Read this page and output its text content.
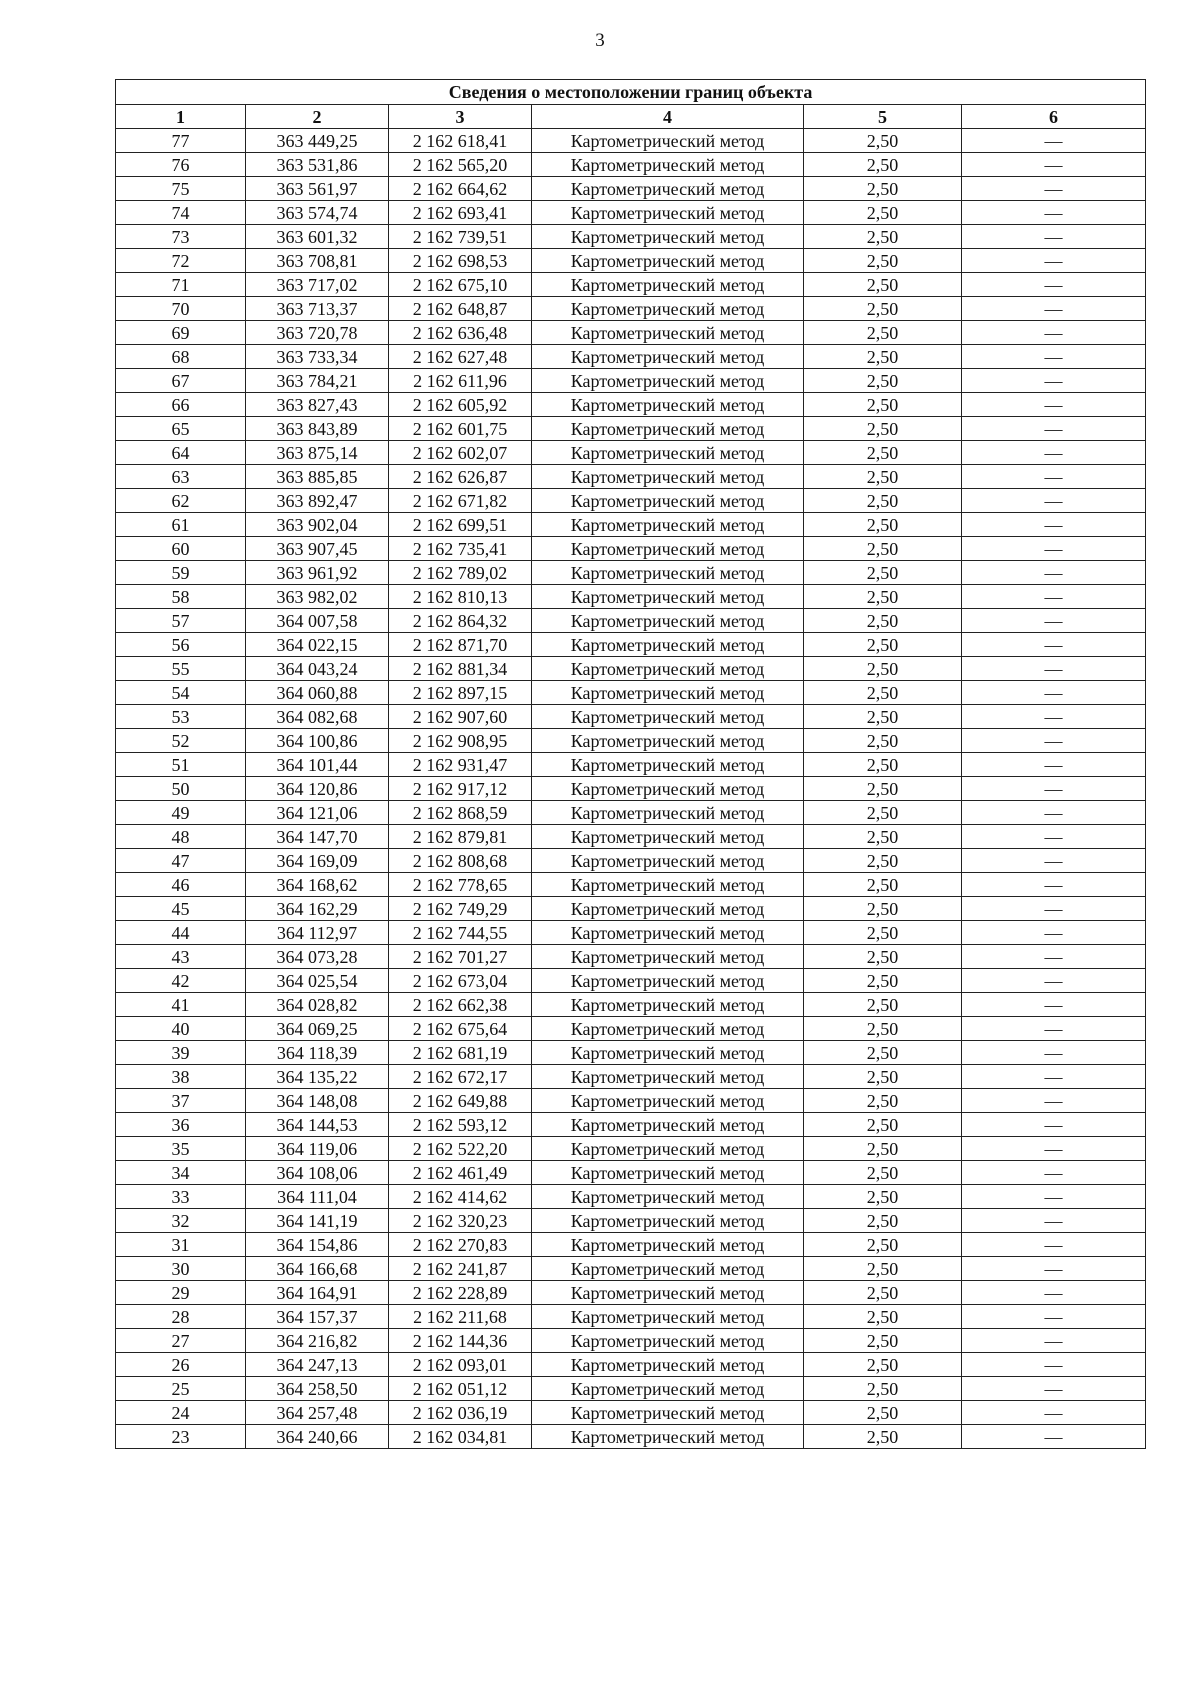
3
Сведения о местоположении границ объекта					
1	2	3	4	5	6
77	363 449,25	2 162 618,41	Картометрический метод	2,50	—
76	363 531,86	2 162 565,20	Картометрический метод	2,50	—
75	363 561,97	2 162 664,62	Картометрический метод	2,50	—
74	363 574,74	2 162 693,41	Картометрический метод	2,50	—
73	363 601,32	2 162 739,51	Картометрический метод	2,50	—
72	363 708,81	2 162 698,53	Картометрический метод	2,50	—
71	363 717,02	2 162 675,10	Картометрический метод	2,50	—
70	363 713,37	2 162 648,87	Картометрический метод	2,50	—
69	363 720,78	2 162 636,48	Картометрический метод	2,50	—
68	363 733,34	2 162 627,48	Картометрический метод	2,50	—
67	363 784,21	2 162 611,96	Картометрический метод	2,50	—
66	363 827,43	2 162 605,92	Картометрический метод	2,50	—
65	363 843,89	2 162 601,75	Картометрический метод	2,50	—
64	363 875,14	2 162 602,07	Картометрический метод	2,50	—
63	363 885,85	2 162 626,87	Картометрический метод	2,50	—
62	363 892,47	2 162 671,82	Картометрический метод	2,50	—
61	363 902,04	2 162 699,51	Картометрический метод	2,50	—
60	363 907,45	2 162 735,41	Картометрический метод	2,50	—
59	363 961,92	2 162 789,02	Картометрический метод	2,50	—
58	363 982,02	2 162 810,13	Картометрический метод	2,50	—
57	364 007,58	2 162 864,32	Картометрический метод	2,50	—
56	364 022,15	2 162 871,70	Картометрический метод	2,50	—
55	364 043,24	2 162 881,34	Картометрический метод	2,50	—
54	364 060,88	2 162 897,15	Картометрический метод	2,50	—
53	364 082,68	2 162 907,60	Картометрический метод	2,50	—
52	364 100,86	2 162 908,95	Картометрический метод	2,50	—
51	364 101,44	2 162 931,47	Картометрический метод	2,50	—
50	364 120,86	2 162 917,12	Картометрический метод	2,50	—
49	364 121,06	2 162 868,59	Картометрический метод	2,50	—
48	364 147,70	2 162 879,81	Картометрический метод	2,50	—
47	364 169,09	2 162 808,68	Картометрический метод	2,50	—
46	364 168,62	2 162 778,65	Картометрический метод	2,50	—
45	364 162,29	2 162 749,29	Картометрический метод	2,50	—
44	364 112,97	2 162 744,55	Картометрический метод	2,50	—
43	364 073,28	2 162 701,27	Картометрический метод	2,50	—
42	364 025,54	2 162 673,04	Картометрический метод	2,50	—
41	364 028,82	2 162 662,38	Картометрический метод	2,50	—
40	364 069,25	2 162 675,64	Картометрический метод	2,50	—
39	364 118,39	2 162 681,19	Картометрический метод	2,50	—
38	364 135,22	2 162 672,17	Картометрический метод	2,50	—
37	364 148,08	2 162 649,88	Картометрический метод	2,50	—
36	364 144,53	2 162 593,12	Картометрический метод	2,50	—
35	364 119,06	2 162 522,20	Картометрический метод	2,50	—
34	364 108,06	2 162 461,49	Картометрический метод	2,50	—
33	364 111,04	2 162 414,62	Картометрический метод	2,50	—
32	364 141,19	2 162 320,23	Картометрический метод	2,50	—
31	364 154,86	2 162 270,83	Картометрический метод	2,50	—
30	364 166,68	2 162 241,87	Картометрический метод	2,50	—
29	364 164,91	2 162 228,89	Картометрический метод	2,50	—
28	364 157,37	2 162 211,68	Картометрический метод	2,50	—
27	364 216,82	2 162 144,36	Картометрический метод	2,50	—
26	364 247,13	2 162 093,01	Картометрический метод	2,50	—
25	364 258,50	2 162 051,12	Картометрический метод	2,50	—
24	364 257,48	2 162 036,19	Картометрический метод	2,50	—
23	364 240,66	2 162 034,81	Картометрический метод	2,50	—
